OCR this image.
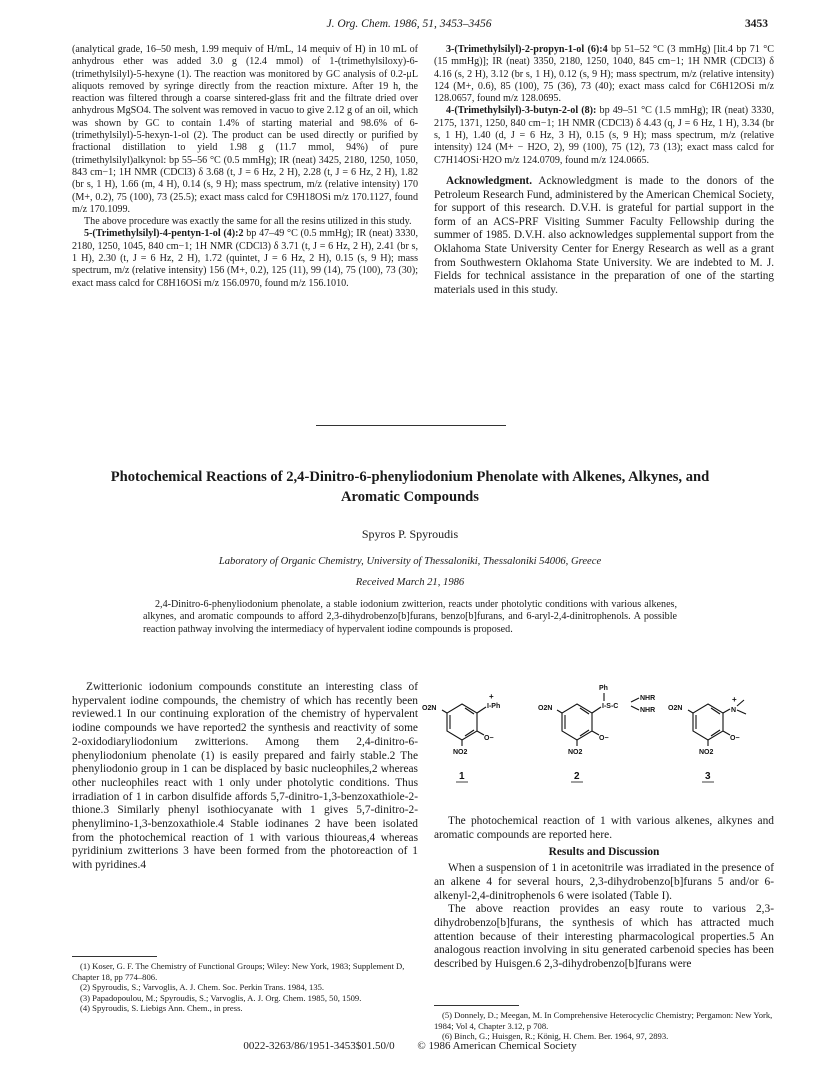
J. Org. Chem. 1986, 51, 3453–3456	3453

(analytical grade, 16–50 mesh, 1.99 mequiv of H/mL, 14 mequiv of H) in 10 mL of anhydrous ether was added 3.0 g (12.4 mmol) of 1-(trimethylsiloxy)-6-(trimethylsilyl)-5-hexyne (1). The reaction was monitored by GC analysis of 0.2-μL aliquots removed by syringe directly from the reaction mixture. After 19 h, the reaction was filtered through a coarse sintered-glass frit and the filtrate dried over anhydrous MgSO4. The solvent was removed in vacuo to give 2.12 g of an oil, which was shown by GC to contain 1.4% of starting material and 98.6% of 6-(trimethylsilyl)-5-hexyn-1-ol (2). The product can be used directly or purified by fractional distillation to yield 1.98 g (11.7 mmol, 94%) of pure (trimethylsilyl)alkynol: bp 55–56 °C (0.5 mmHg); IR (neat) 3425, 2180, 1250, 1050, 843 cm−1; 1H NMR (CDCl3) δ 3.68 (t, J = 6 Hz, 2 H), 2.28 (t, J = 6 Hz, 2 H), 1.82 (br s, 1 H), 1.66 (m, 4 H), 0.14 (s, 9 H); mass spectrum, m/z (relative intensity) 170 (M+, 0.2), 75 (100), 73 (25.5); exact mass calcd for C9H18OSi m/z 170.1127, found m/z 170.1099.

The above procedure was exactly the same for all the resins utilized in this study.

5-(Trimethylsilyl)-4-pentyn-1-ol (4):2 bp 47–49 °C (0.5 mmHg); IR (neat) 3330, 2180, 1250, 1045, 840 cm−1; 1H NMR (CDCl3) δ 3.71 (t, J = 6 Hz, 2 H), 2.41 (br s, 1 H), 2.30 (t, J = 6 Hz, 2 H), 1.72 (quintet, J = 6 Hz, 2 H), 0.15 (s, 9 H); mass spectrum, m/z (relative intensity) 156 (M+, 0.2), 125 (11), 99 (14), 75 (100), 73 (30); exact mass calcd for C8H16OSi m/z 156.0970, found m/z 156.1010.

3-(Trimethylsilyl)-2-propyn-1-ol (6):4 bp 51–52 °C (3 mmHg) [lit.4 bp 71 °C (15 mmHg)]; IR (neat) 3350, 2180, 1250, 1040, 845 cm−1; 1H NMR (CDCl3) δ 4.16 (s, 2 H), 3.12 (br s, 1 H), 0.12 (s, 9 H); mass spectrum, m/z (relative intensity) 124 (M+, 0.6), 85 (100), 75 (36), 73 (40); exact mass calcd for C6H12OSi m/z 128.0657, found m/z 128.0695.

4-(Trimethylsilyl)-3-butyn-2-ol (8): bp 49–51 °C (1.5 mmHg); IR (neat) 3330, 2175, 1371, 1250, 840 cm−1; 1H NMR (CDCl3) δ 4.43 (q, J = 6 Hz, 1 H), 3.34 (br s, 1 H), 1.40 (d, J = 6 Hz, 3 H), 0.15 (s, 9 H); mass spectrum, m/z (relative intensity) 124 (M+ − H2O, 2), 99 (100), 75 (12), 73 (13); exact mass calcd for C7H14OSi·H2O m/z 124.0709, found m/z 124.0665.

Acknowledgment. Acknowledgment is made to the donors of the Petroleum Research Fund, administered by the American Chemical Society, for support of this research. D.V.H. is grateful for partial support in the form of an ACS-PRF Visiting Summer Faculty Fellowship during the summer of 1985. D.V.H. also acknowledges supplemental support from the Oklahoma State University Center for Energy Research as well as a grant from Southwestern Oklahoma State University. We are indebted to M. J. Fields for technical assistance in the preparation of one of the starting materials used in this study.

Photochemical Reactions of 2,4-Dinitro-6-phenyliodonium Phenolate with Alkenes, Alkynes, and Aromatic Compounds
Spyros P. Spyroudis
Laboratory of Organic Chemistry, University of Thessaloniki, Thessaloniki 54006, Greece
Received March 21, 1986
2,4-Dinitro-6-phenyliodonium phenolate, a stable iodonium zwitterion, reacts under photolytic conditions with various alkenes, alkynes, and aromatic compounds to afford 2,3-dihydrobenzo[b]furans, benzo[b]furans, and 6-aryl-2,4-dinitrophenols. A possible reaction pathway involving the intermediacy of hypervalent iodine compounds is proposed.

Zwitterionic iodonium compounds constitute an interesting class of hypervalent iodine compounds, the chemistry of which has recently been reviewed.1 In our continuing exploration of the chemistry of hypervalent iodine compounds we have reported2 the synthesis and reactivity of some 2-oxidodiaryliodonium zwitterions. Among them 2,4-dinitro-6-phenyliodonium phenolate (1) is easily prepared and fairly stable.2 The phenyliodonio group in 1 can be displaced by basic nucleophiles,2 whereas other nucleophiles react with 1 only under photolytic conditions. Thus irradiation of 1 in carbon disulfide affords 5,7-dinitro-1,3-benzoxathiole-2-thione.3 Similarly phenyl isothiocyanate with 1 gives 5,7-dinitro-2-phenylimino-1,3-benzoxathiole.4 Stable iodinanes 2 have been isolated from the photochemical reaction of 1 with various thioureas,4 whereas pyridinium zwitterions 3 have been formed from the photoreaction of 1 with pyridines.4

O2N	I-Ph
+
O−
NO2
1
O2N
Ph
I-S-C
NHR
NHR
O−
NO2
2
O2N	N
+
O−
NO2
3

The photochemical reaction of 1 with various alkenes, alkynes and aromatic compounds are reported here.

Results and Discussion

When a suspension of 1 in acetonitrile was irradiated in the presence of an alkene 4 for several hours, 2,3-dihydrobenzo[b]furans 5 and/or 6-alkenyl-2,4-dinitrophenols 6 were isolated (Table I).

The above reaction provides an easy route to various 2,3-dihydrobenzo[b]furans, the synthesis of which has attracted much attention because of their interesting pharmacological properties.5 An analogous reaction involving in situ generated carbenoid species has been described by Huisgen.6 2,3-dihydrobenzo[b]furans were

(1) Koser, G. F. The Chemistry of Functional Groups; Wiley: New York, 1983; Supplement D, Chapter 18, pp 774–806.

(2) Spyroudis, S.; Varvoglis, A. J. Chem. Soc. Perkin Trans. 1984, 135.

(3) Papadopoulou, M.; Spyroudis, S.; Varvoglis, A. J. Org. Chem. 1985, 50, 1509.

(4) Spyroudis, S. Liebigs Ann. Chem., in press.

(5) Donnely, D.; Meegan, M. In Comprehensive Heterocyclic Chemistry; Pergamon: New York, 1984; Vol 4, Chapter 3.12, p 708.

(6) Binch, G.; Huisgen, R.; König, H. Chem. Ber. 1964, 97, 2893.

0022-3263/86/1951-3453$01.50/0 © 1986 American Chemical Society
